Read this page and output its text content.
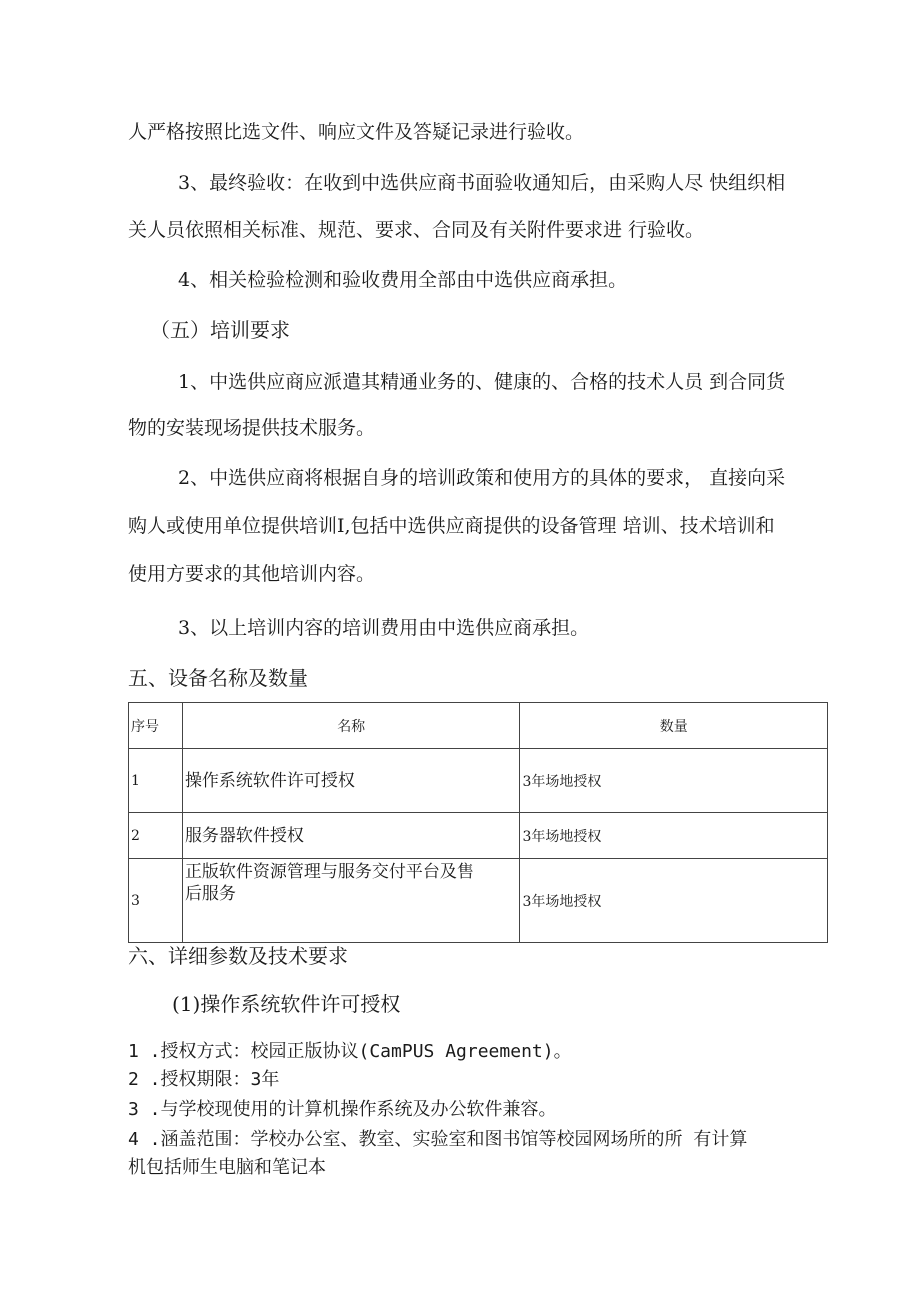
人严格按照比选文件、响应文件及答疑记录进行验收。
3、最终验收：在收到中选供应商书面验收通知后，由采购人尽 快组织相
关人员依照相关标准、规范、要求、合同及有关附件要求进 行验收。
4、相关检验检测和验收费用全部由中选供应商承担。
（五）培训要求
1、中选供应商应派遣其精通业务的、健康的、合格的技术人员 到合同货
物的安装现场提供技术服务。
2、中选供应商将根据自身的培训政策和使用方的具体的要求， 直接向采
购人或使用单位提供培训I,包括中选供应商提供的设备管理 培训、技术培训和
使用方要求的其他培训内容。
3、以上培训内容的培训费用由中选供应商承担。
五、设备名称及数量
序号	名称	数量
1	操作系统软件许可授权	3年场地授权
2	服务器软件授权	3年场地授权
3	正版软件资源管理与服务交付平台及售
后服务	3年场地授权
六、详细参数及技术要求
(1)操作系统软件许可授权
1 .授权方式：校园正版协议(CamPUS Agreement)。
2 .授权期限：3年
3 .与学校现使用的计算机操作系统及办公软件兼容。
4 .涵盖范围：学校办公室、教室、实验室和图书馆等校园网场所的所 有计算
机包括师生电脑和笔记本
